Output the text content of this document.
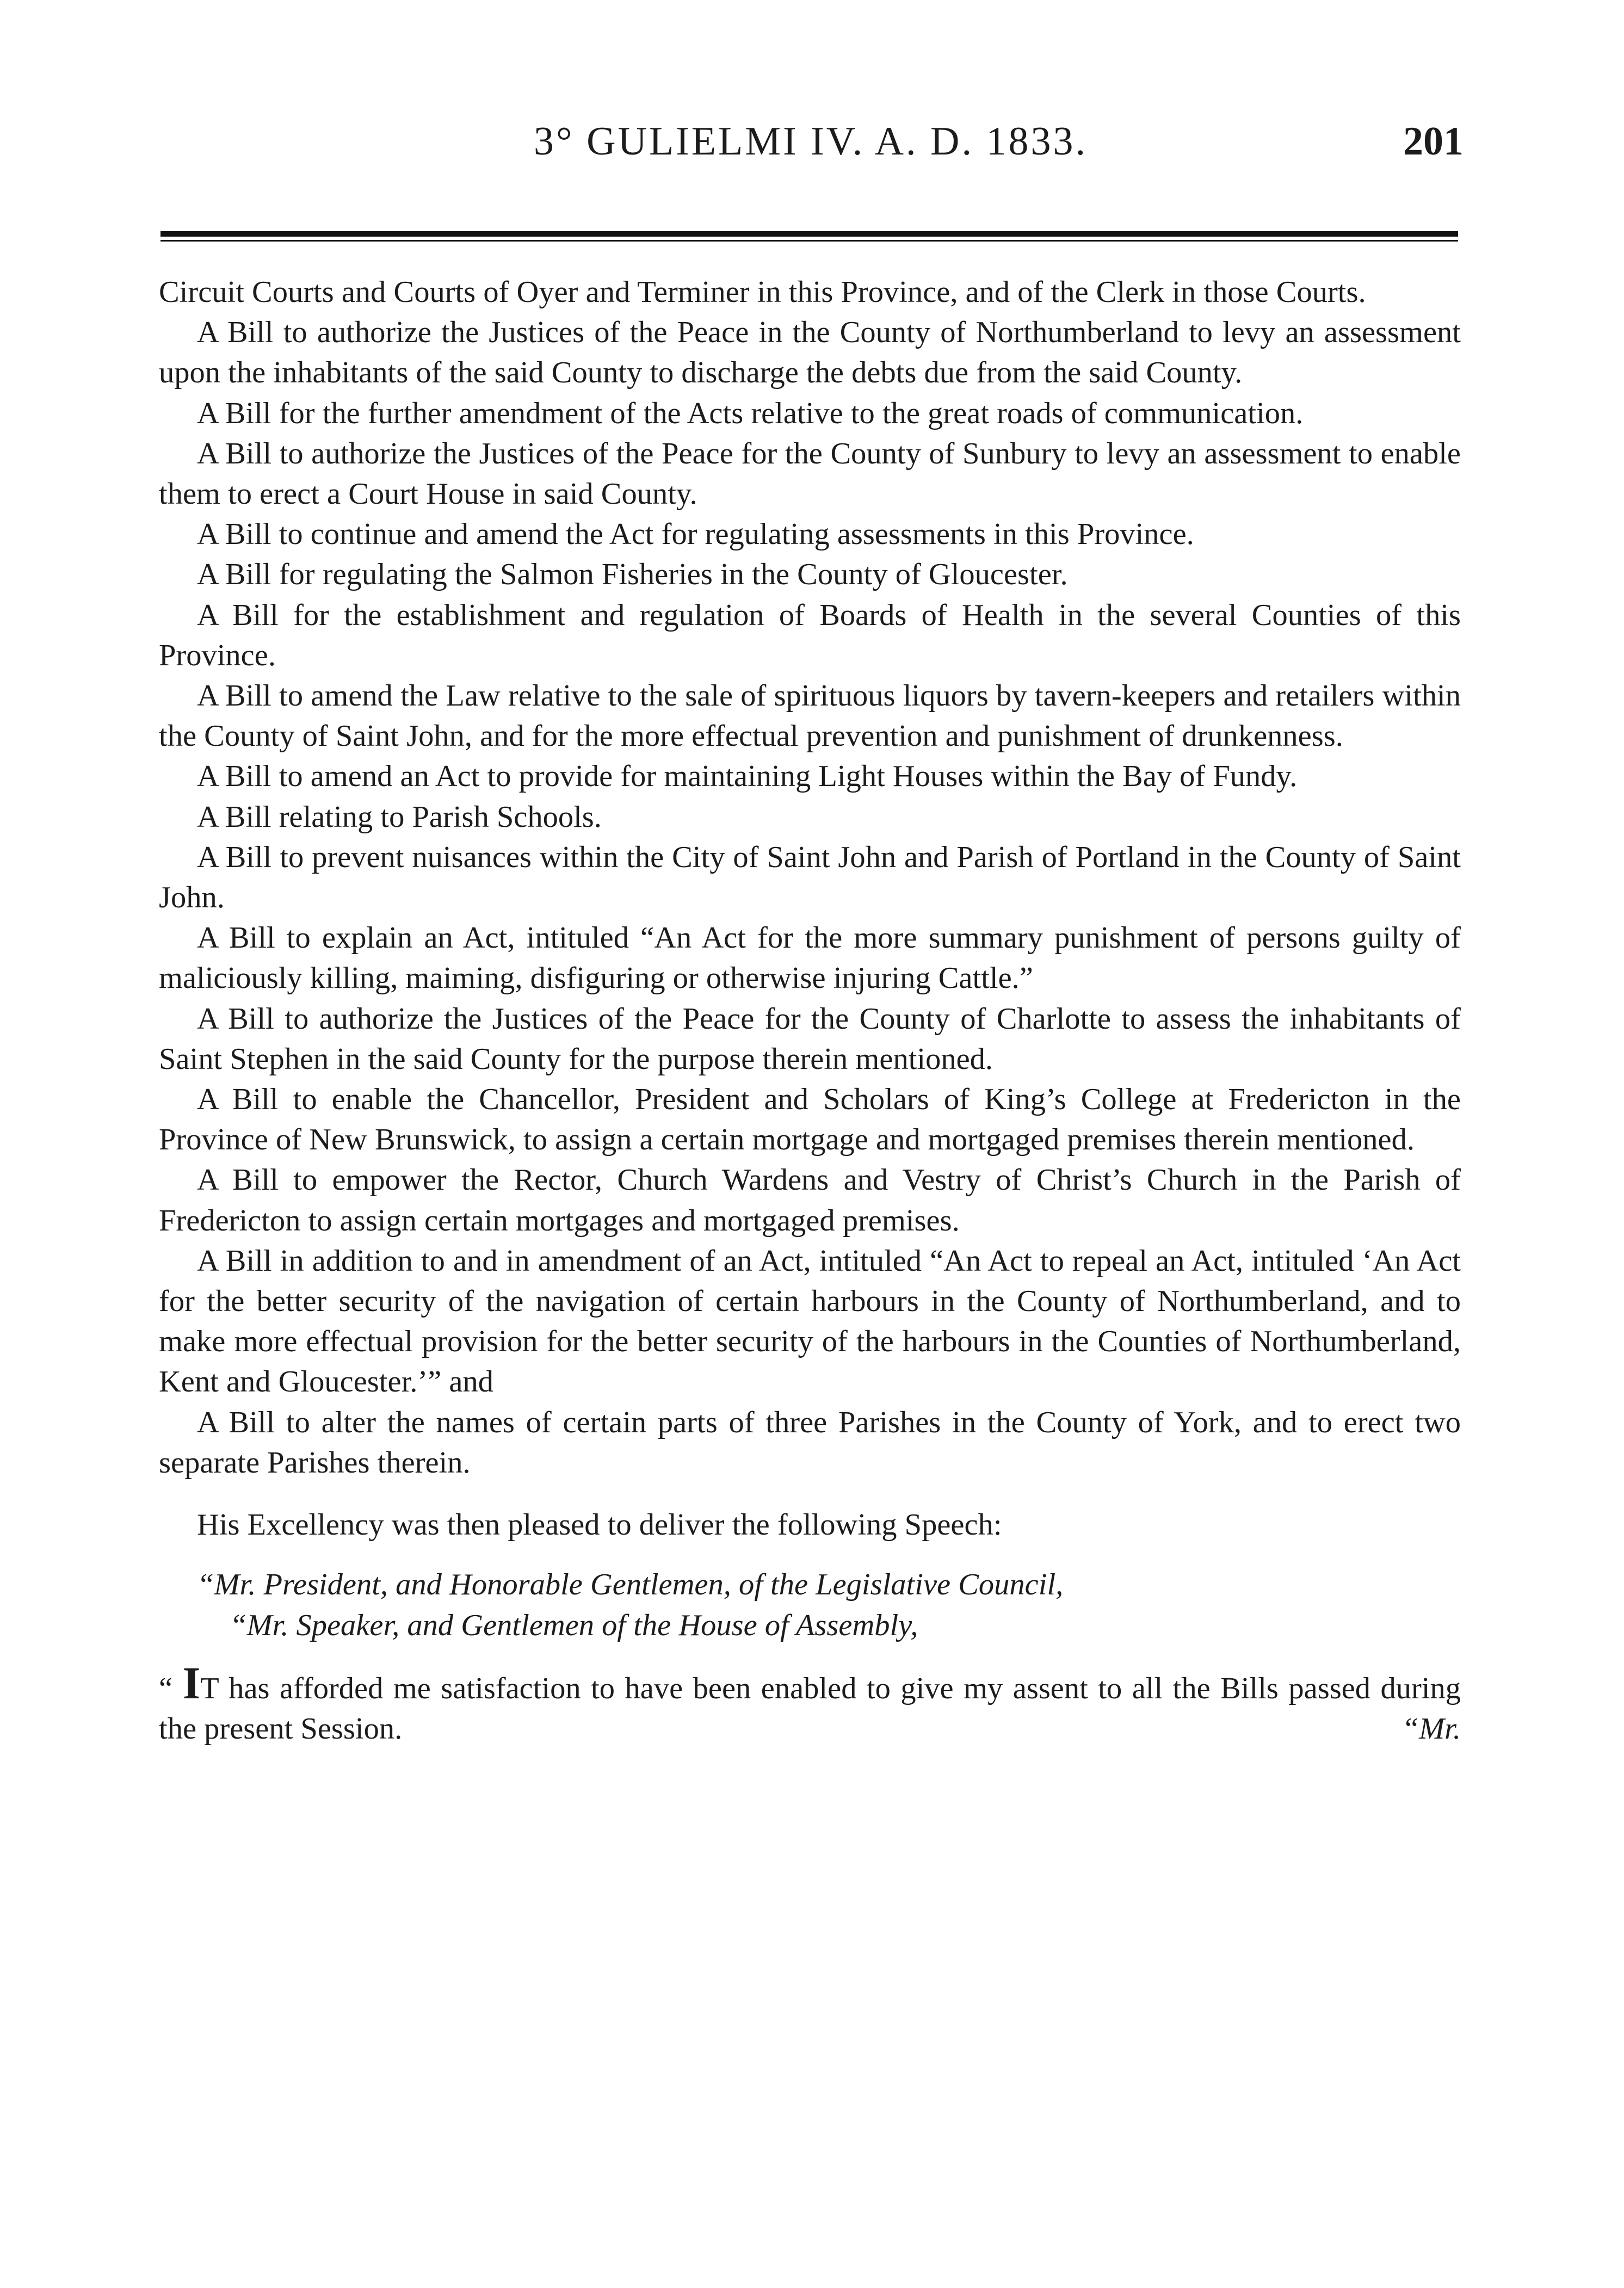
3° GULIELMI IV. A. D. 1833.	201

Circuit Courts and Courts of Oyer and Terminer in this Province, and of the Clerk in those Courts.

A Bill to authorize the Justices of the Peace in the County of Northumberland to levy an assessment upon the inhabitants of the said County to discharge the debts due from the said County.

A Bill for the further amendment of the Acts relative to the great roads of communication.

A Bill to authorize the Justices of the Peace for the County of Sunbury to levy an assessment to enable them to erect a Court House in said County.

A Bill to continue and amend the Act for regulating assessments in this Province.

A Bill for regulating the Salmon Fisheries in the County of Gloucester.

A Bill for the establishment and regulation of Boards of Health in the several Counties of this Province.

A Bill to amend the Law relative to the sale of spirituous liquors by tavern-keepers and retailers within the County of Saint John, and for the more effectual prevention and punishment of drunkenness.

A Bill to amend an Act to provide for maintaining Light Houses within the Bay of Fundy.

A Bill relating to Parish Schools.

A Bill to prevent nuisances within the City of Saint John and Parish of Portland in the County of Saint John.

A Bill to explain an Act, intituled “An Act for the more summary punishment of persons guilty of maliciously killing, maiming, disfiguring or otherwise injuring Cattle.”

A Bill to authorize the Justices of the Peace for the County of Charlotte to assess the inhabitants of Saint Stephen in the said County for the purpose therein mentioned.

A Bill to enable the Chancellor, President and Scholars of King’s College at Fredericton in the Province of New Brunswick, to assign a certain mortgage and mortgaged premises therein mentioned.

A Bill to empower the Rector, Church Wardens and Vestry of Christ’s Church in the Parish of Fredericton to assign certain mortgages and mortgaged premises.

A Bill in addition to and in amendment of an Act, intituled “An Act to repeal an Act, intituled ‘An Act for the better security of the navigation of certain harbours in the County of Northumberland, and to make more effectual provision for the better security of the harbours in the Counties of Northumberland, Kent and Gloucester.’” and

A Bill to alter the names of certain parts of three Parishes in the County of York, and to erect two separate Parishes therein.

His Excellency was then pleased to deliver the following Speech:

“Mr. President, and Honorable Gentlemen, of the Legislative Council,

“Mr. Speaker, and Gentlemen of the House of Assembly,

“ IT has afforded me satisfaction to have been enabled to give my assent to all the Bills passed during the present Session.	“Mr.
